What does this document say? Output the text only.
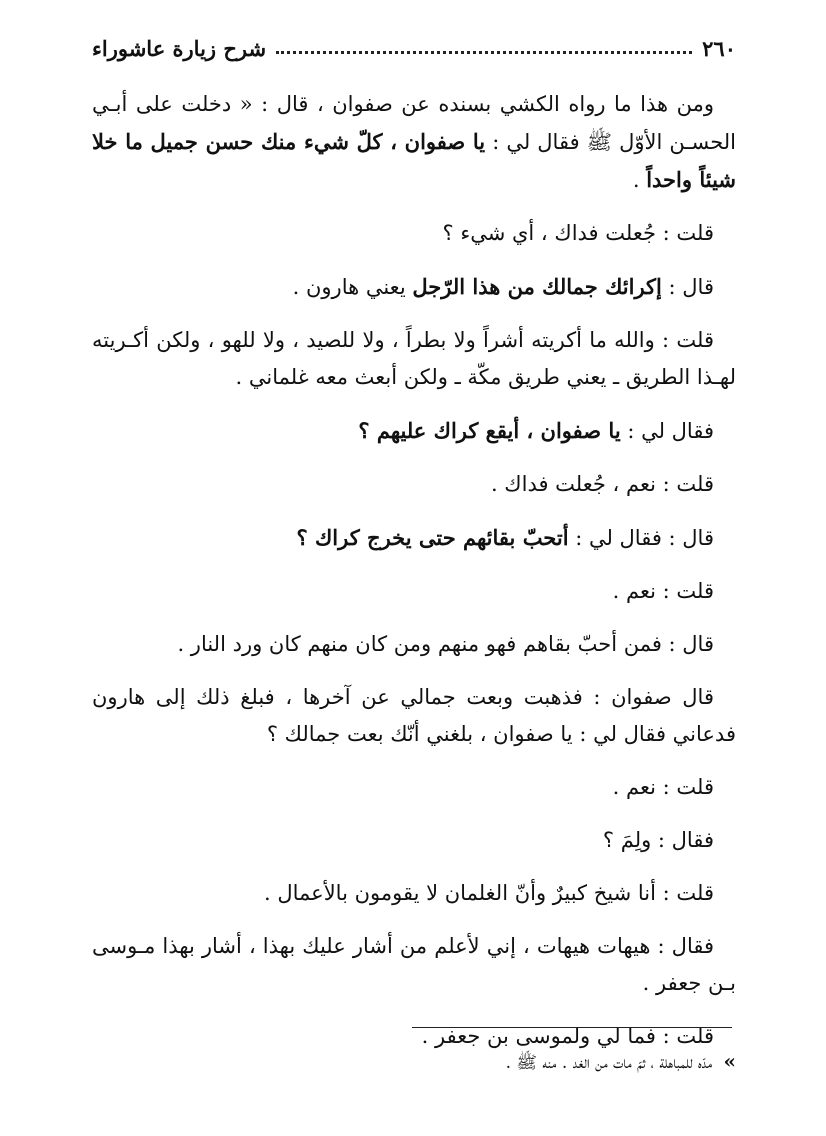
٢٦٠
شرح زيارة عاشوراء

ومن هذا ما رواه الكشي بسنده عن صفوان ، قال : « دخلت على أبـي الحسـن الأوّل ﷺ فقال لي : يا صفوان ، كلّ شيء منك حسن جميل ما خلا شيئاً واحداً .

قلت : جُعلت فداك ، أي شيء ؟

قال : إكرائك جمالك من هذا الرّجل يعني هارون .

قلت : والله ما أكريته أشراً ولا بطراً ، ولا للصيد ، ولا للهو ، ولكن أكـريته لهـذا الطريق ـ يعني طريق مكّة ـ ولكن أبعث معه غلماني .

فقال لي : يا صفوان ، أيقع كراك عليهم ؟

قلت : نعم ، جُعلت فداك .

قال : فقال لي : أتحبّ بقائهم حتى يخرج كراك ؟

قلت : نعم .

قال : فمن أحبّ بقاهم فهو منهم ومن كان منهم كان ورد النار .

قال صفوان : فذهبت وبعت جمالي عن آخرها ، فبلغ ذلك إلى هارون فدعاني فقال لي : يا صفوان ، بلغني أنّك بعت جمالك ؟

قلت : نعم .

فقال : ولِمَ ؟

قلت : أنا شيخ كبيرٌ وأنّ الغلمان لا يقومون بالأعمال .

فقال : هيهات هيهات ، إني لأعلم من أشار عليك بهذا ، أشار بهذا مـوسى بـن جعفر .

قلت : فما لي ولموسى بن جعفر .

» مدّه للمباهلة ، ثمّ مات من الغد . منه ﷺ .
